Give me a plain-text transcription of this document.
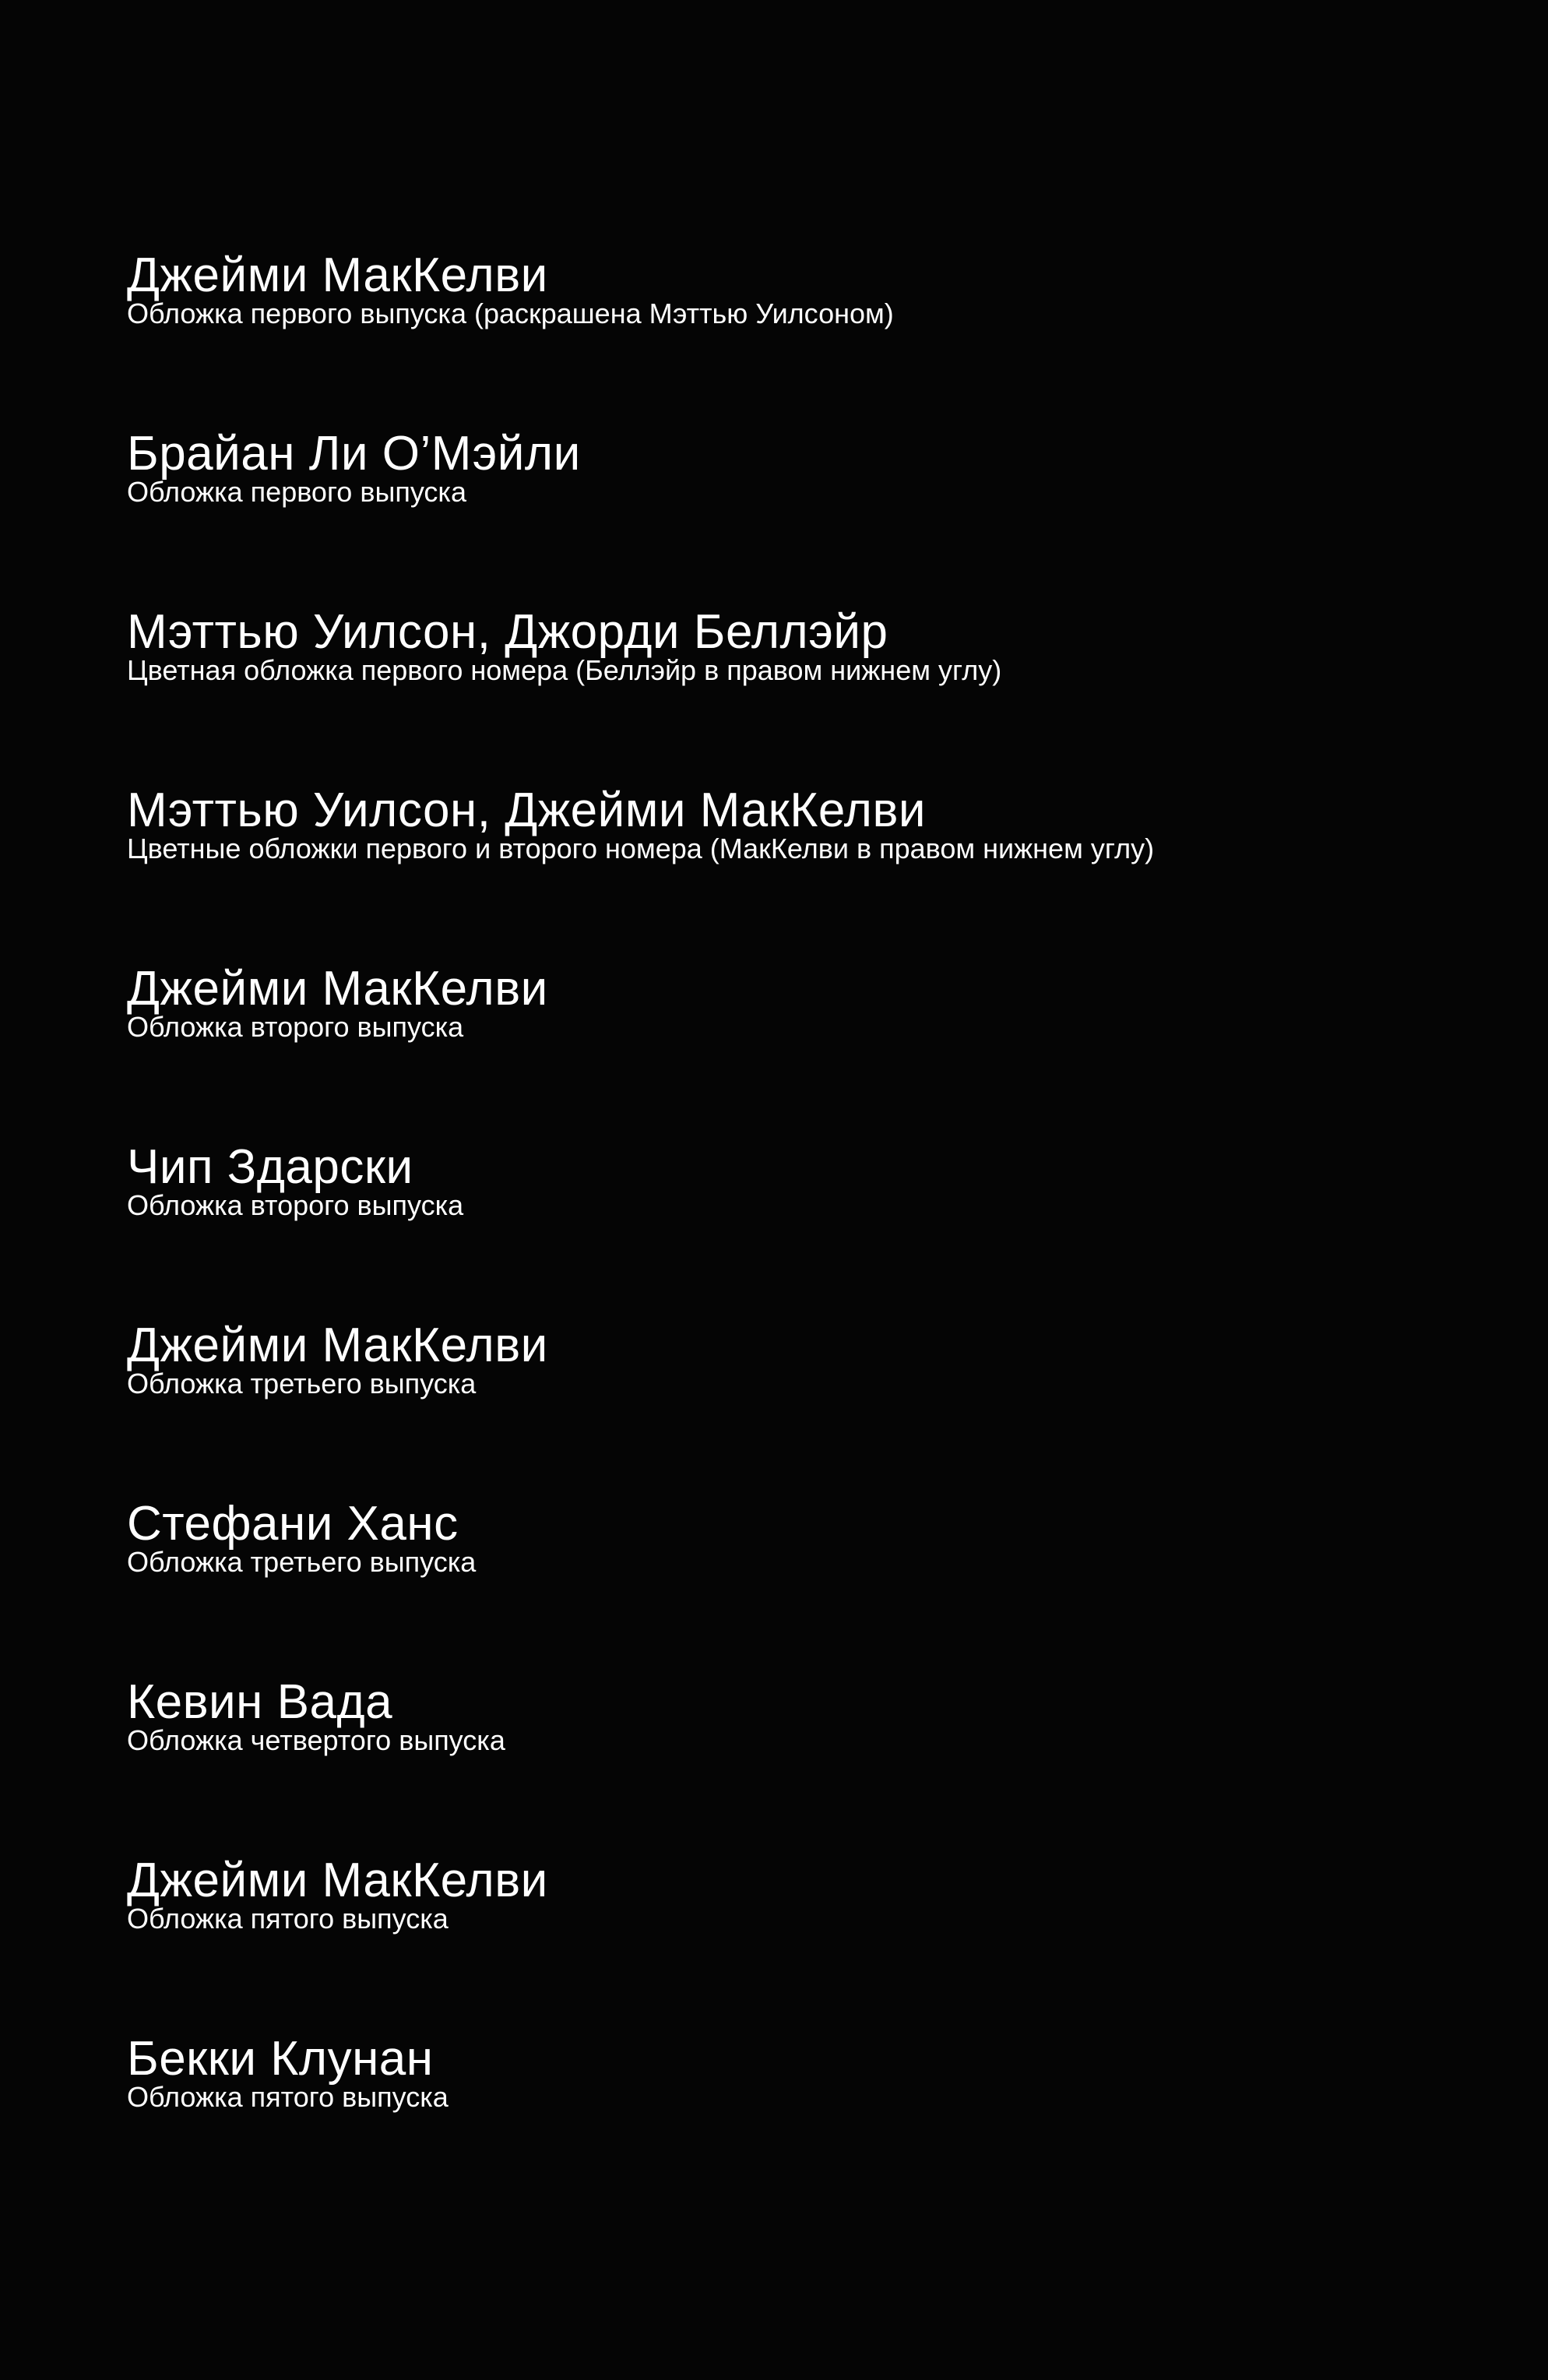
Джейми МакКелви
Обложка первого выпуска (раскрашена Мэттью Уилсоном)
Брайан Ли О’Мэйли
Обложка первого выпуска
Мэттью Уилсон, Джорди Беллэйр
Цветная обложка первого номера (Беллэйр в правом нижнем углу)
Мэттью Уилсон, Джейми МакКелви
Цветные обложки первого и второго номера (МакКелви в правом нижнем углу)
Джейми МакКелви
Обложка второго выпуска
Чип Здарски
Обложка второго выпуска
Джейми МакКелви
Обложка третьего выпуска
Стефани Ханс
Обложка третьего выпуска
Кевин Вада
Обложка четвертого выпуска
Джейми МакКелви
Обложка пятого выпуска
Бекки Клунан
Обложка пятого выпуска
